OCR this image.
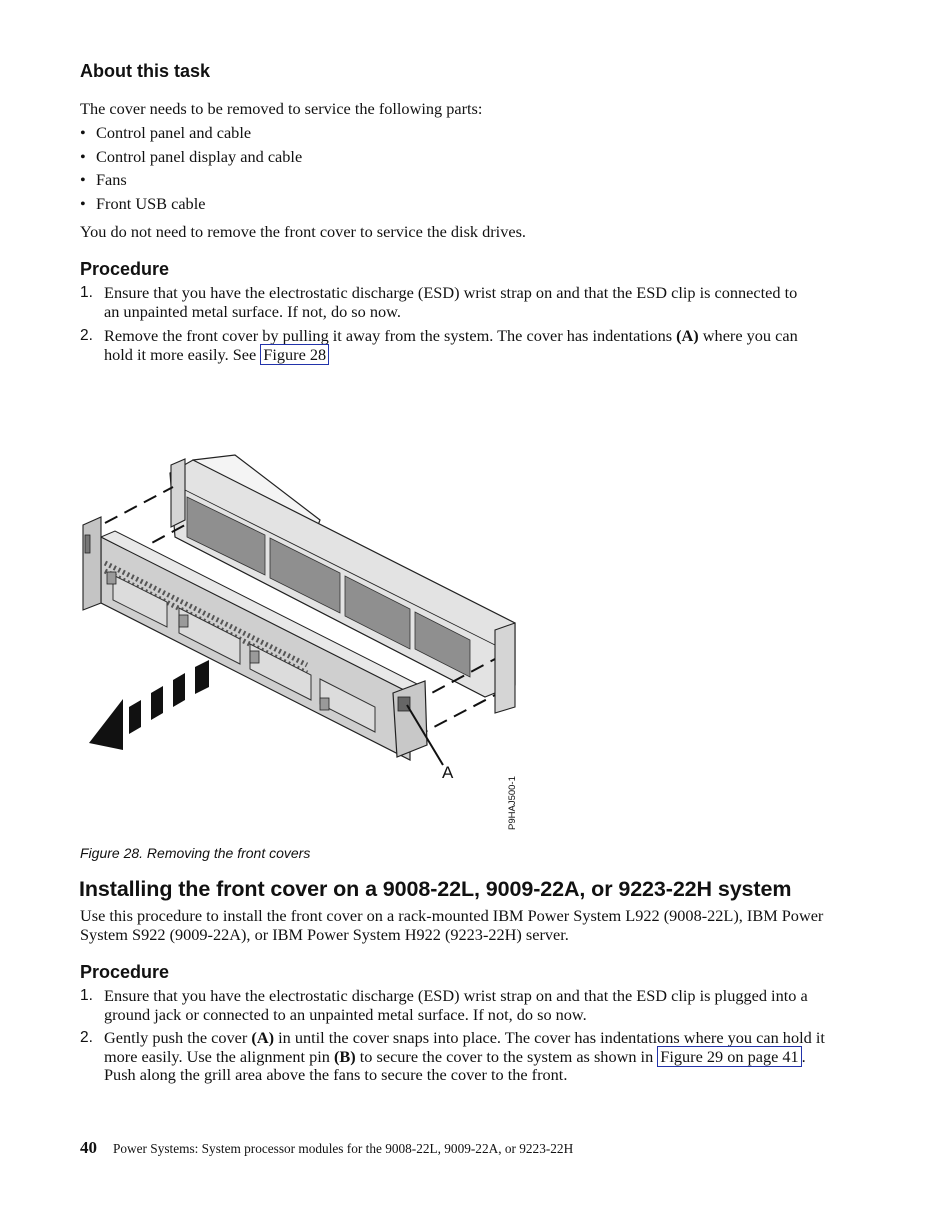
About this task

The cover needs to be removed to service the following parts:

• Control panel and cable
• Control panel display and cable
• Fans
• Front USB cable

You do not need to remove the front cover to service the disk drives.

Procedure
1. Ensure that you have the electrostatic discharge (ESD) wrist strap on and that the ESD clip is connected to an unpainted metal surface. If not, do so now.
2. Remove the front cover by pulling it away from the system. The cover has indentations (A) where you can hold it more easily. See Figure 28
A
P9HAJ500-1
Figure 28. Removing the front covers
Installing the front cover on a 9008-22L, 9009-22A, or 9223-22H system

Use this procedure to install the front cover on a rack-mounted IBM Power System L922 (9008-22L), IBM Power System S922 (9009-22A), or IBM Power System H922 (9223-22H) server.

Procedure
1. Ensure that you have the electrostatic discharge (ESD) wrist strap on and that the ESD clip is plugged into a ground jack or connected to an unpainted metal surface. If not, do so now.
2. Gently push the cover (A) in until the cover snaps into place. The cover has indentations where you can hold it more easily. Use the alignment pin (B) to secure the cover to the system as shown in Figure 29 on page 41 . Push along the grill area above the fans to secure the cover to the front.
40 Power Systems: System processor modules for the 9008-22L, 9009-22A, or 9223-22H
